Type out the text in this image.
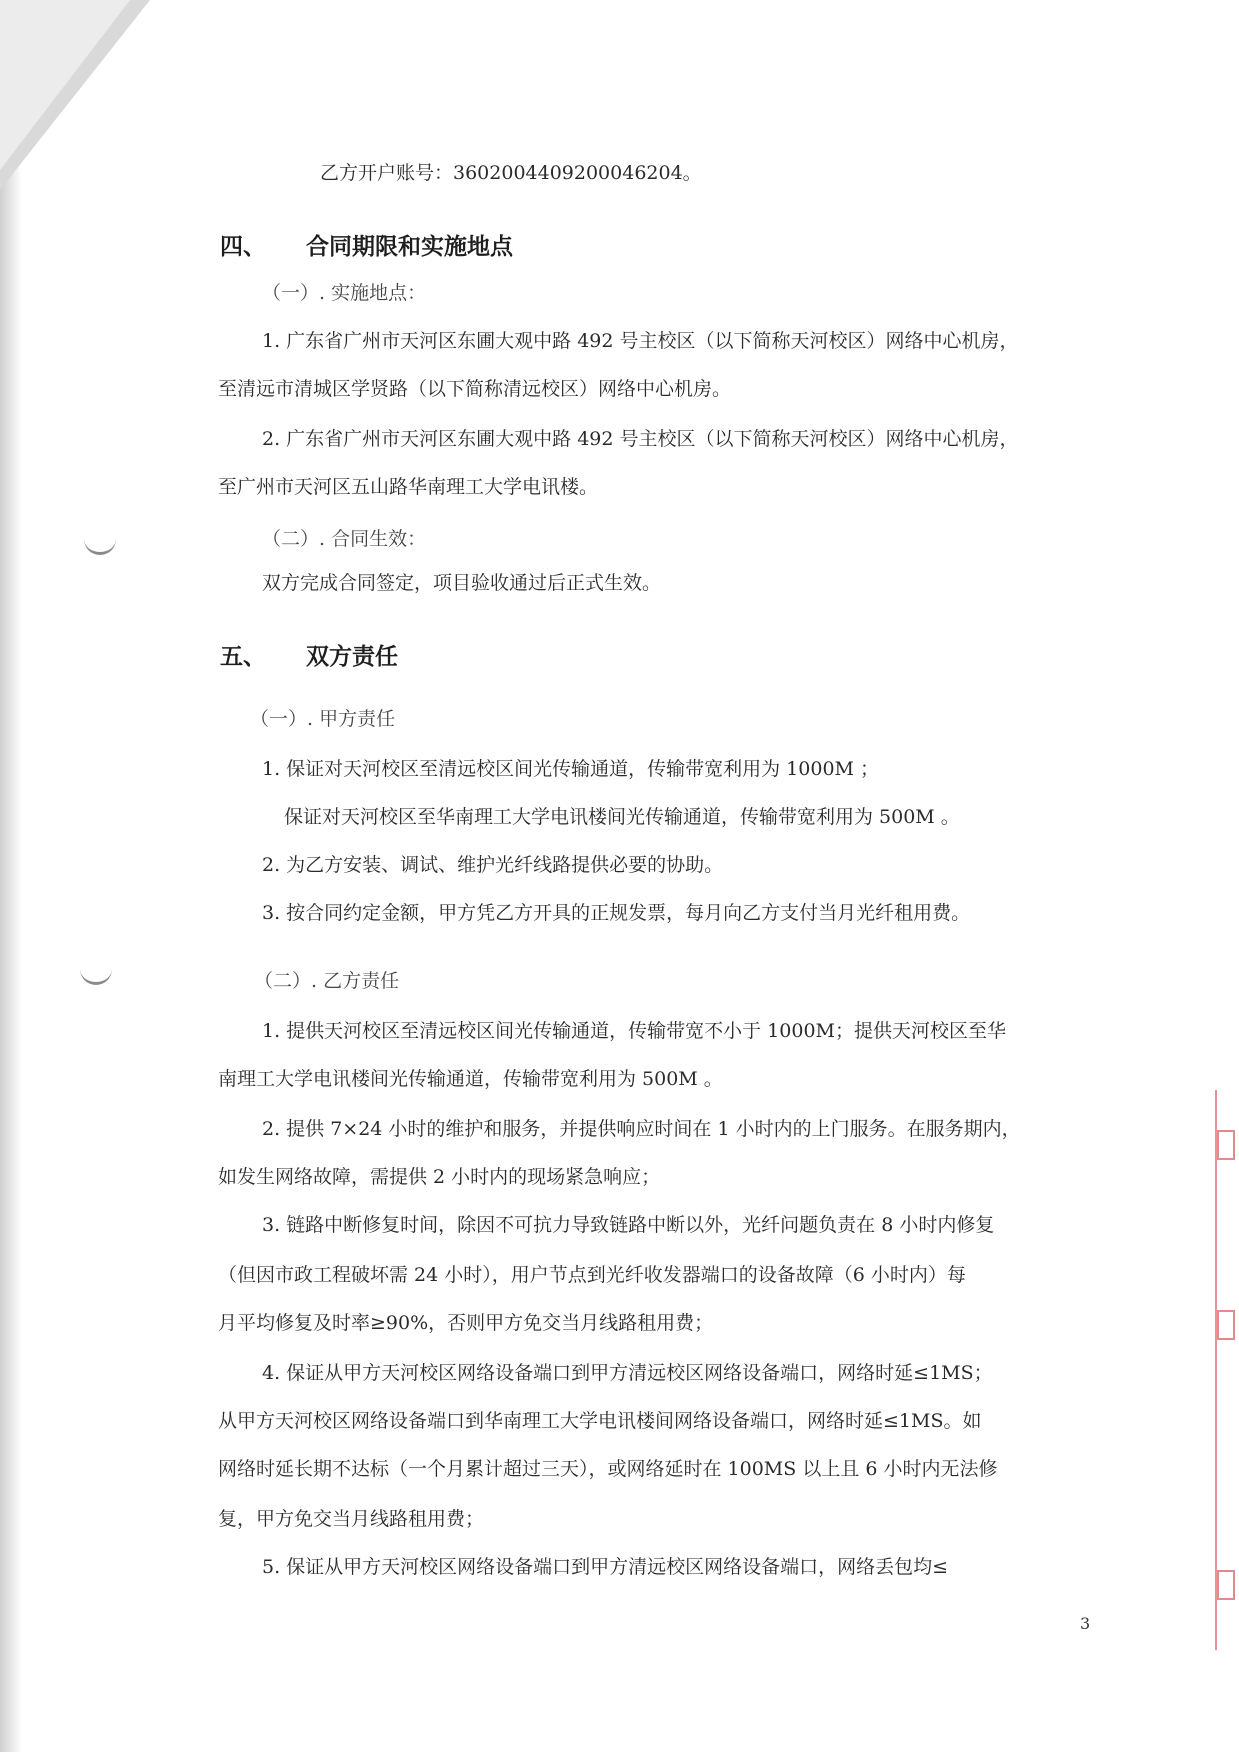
乙方开户账号：3602004409200046204。
四、 合同期限和实施地点
（一）. 实施地点：
1. 广东省广州市天河区东圃大观中路 492 号主校区（以下简称天河校区）网络中心机房，
至清远市清城区学贤路（以下简称清远校区）网络中心机房。
2. 广东省广州市天河区东圃大观中路 492 号主校区（以下简称天河校区）网络中心机房，
至广州市天河区五山路华南理工大学电讯楼。
（二）. 合同生效：
双方完成合同签定，项目验收通过后正式生效。
五、 双方责任
（一）. 甲方责任
1. 保证对天河校区至清远校区间光传输通道，传输带宽利用为 1000M ；
保证对天河校区至华南理工大学电讯楼间光传输通道，传输带宽利用为 500M 。
2. 为乙方安装、调试、维护光纤线路提供必要的协助。
3. 按合同约定金额，甲方凭乙方开具的正规发票，每月向乙方支付当月光纤租用费。
（二）. 乙方责任
1. 提供天河校区至清远校区间光传输通道，传输带宽不小于 1000M；提供天河校区至华
南理工大学电讯楼间光传输通道，传输带宽利用为 500M 。
2. 提供 7×24 小时的维护和服务，并提供响应时间在 1 小时内的上门服务。在服务期内，
如发生网络故障，需提供 2 小时内的现场紧急响应；
3. 链路中断修复时间，除因不可抗力导致链路中断以外，光纤问题负责在 8 小时内修复
（但因市政工程破坏需 24 小时），用户节点到光纤收发器端口的设备故障（6 小时内）每
月平均修复及时率≥90%，否则甲方免交当月线路租用费；
4. 保证从甲方天河校区网络设备端口到甲方清远校区网络设备端口，网络时延≤1MS；
从甲方天河校区网络设备端口到华南理工大学电讯楼间网络设备端口，网络时延≤1MS。如
网络时延长期不达标（一个月累计超过三天），或网络延时在 100MS 以上且 6 小时内无法修
复，甲方免交当月线路租用费；
5. 保证从甲方天河校区网络设备端口到甲方清远校区网络设备端口，网络丢包均≤
3
